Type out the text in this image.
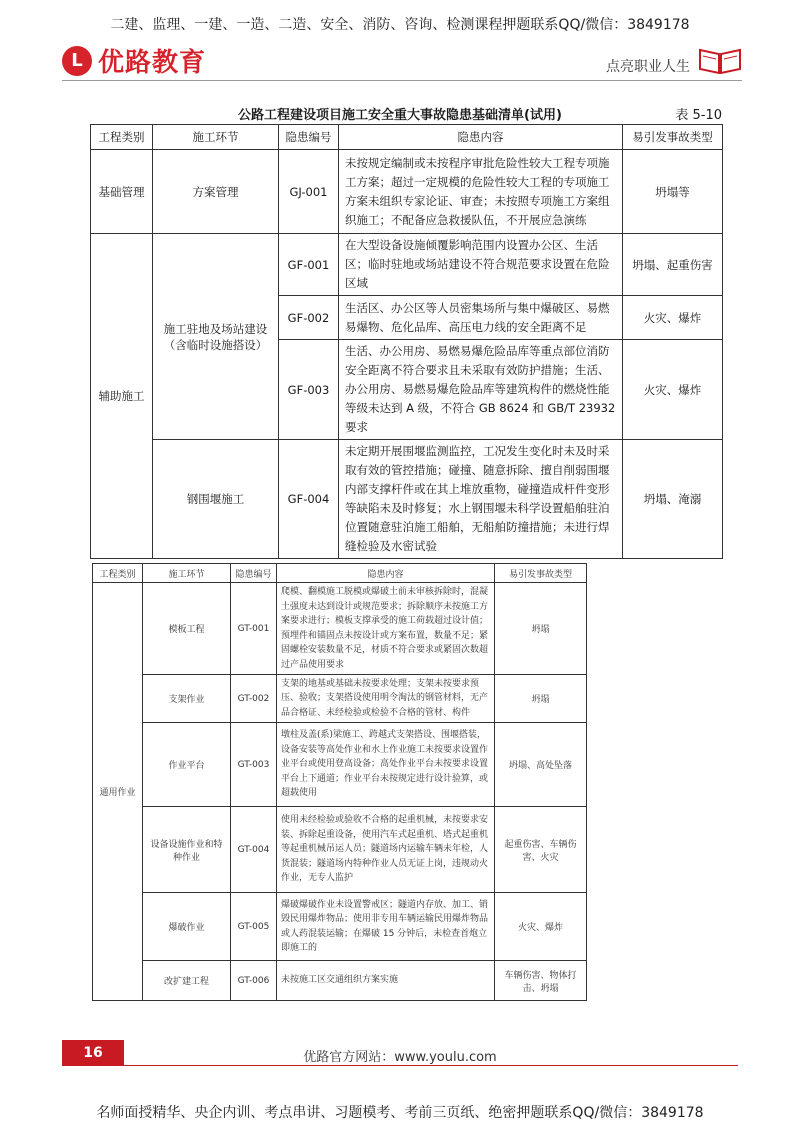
二建、监理、一建、一造、二造、安全、消防、咨询、检测课程押题联系QQ/微信：3849178
L 优路教育	点亮职业人生
公路工程建设项目施工安全重大事故隐患基础清单(试用)	表 5-10
工程类别	施工环节	隐患编号	隐患内容	易引发事故类型
基础管理	方案管理	GJ-001	未按规定编制或未按程序审批危险性较大工程专项施工方案；超过一定规模的危险性较大工程的专项施工方案未组织专家论证、审查；未按照专项施工方案组织施工；不配备应急救援队伍，不开展应急演练	坍塌等
辅助施工	施工驻地及场站建设（含临时设施搭设）	GF-001	在大型设备设施倾覆影响范围内设置办公区、生活区；临时驻地或场站建设不符合规范要求设置在危险区域	坍塌、起重伤害
		GF-002	生活区、办公区等人员密集场所与集中爆破区、易燃易爆物、危化品库、高压电力线的安全距离不足	火灾、爆炸
		GF-003	生活、办公用房、易燃易爆危险品库等重点部位消防安全距离不符合要求且未采取有效防护措施；生活、办公用房、易燃易爆危险品库等建筑构件的燃烧性能等级未达到 A 级，不符合 GB 8624 和 GB/T 23932 要求	火灾、爆炸
	钢围堰施工	GF-004	未定期开展围堰监测监控，工况发生变化时未及时采取有效的管控措施；碰撞、随意拆除、擅自削弱围堰内部支撑杆件或在其上堆放重物，碰撞造成杆件变形等缺陷未及时修复；水上钢围堰未科学设置船舶驻泊位置随意驻泊施工船舶，无船舶防撞措施；未进行焊缝检验及水密试验	坍塌、淹溺
工程类别	施工环节	隐患编号	隐患内容	易引发事故类型
通用作业	模板工程	GT-001	爬模、翻模施工脱模或爆破土前未审核拆除时，混凝土强度未达到设计或规范要求；拆除顺序未按施工方案要求进行；模板支撑承受的施工荷载超过设计值；预埋件和锚固点未按设计或方案布置，数量不足；紧固螺栓安装数量不足，材质不符合要求或紧固次数超过产品使用要求	坍塌
	支架作业	GT-002	支架的地基或基础未按要求处理；支架未按要求预压、验收；支架搭设使用明令淘汰的钢管材料，无产品合格证、未经检验或检验不合格的管材、构件	坍塌
	作业平台	GT-003	墩柱及盖(系)梁施工、跨越式支架搭设、围堰搭装，设备安装等高处作业和水上作业施工未按要求设置作业平台或使用登高设备；高处作业平台未按要求设置平台上下通道；作业平台未按规定进行设计验算，或超载使用	坍塌、高处坠落
	设备设施作业和特种作业	GT-004	使用未经检验或验收不合格的起重机械，未按要求安装、拆除起重设备，使用汽车式起重机、塔式起重机等起重机械吊运人员；隧道场内运输车辆未年检，人货混装；隧道场内特种作业人员无证上岗，违规动火作业，无专人监护	起重伤害、车辆伤害、火灾
	爆破作业	GT-005	爆破爆破作业未设置警戒区；隧道内存放、加工、销毁民用爆炸物品；使用非专用车辆运输民用爆炸物品或人药混装运输；在爆破 15 分钟后，未检查首炮立即施工的	火灾、爆炸
	改扩建工程	GT-006	未按施工区交通组织方案实施	车辆伤害、物体打击、坍塌
16	优路官方网站：www.youlu.com
名师面授精华、央企内训、考点串讲、习题模考、考前三页纸、绝密押题联系QQ/微信：3849178
